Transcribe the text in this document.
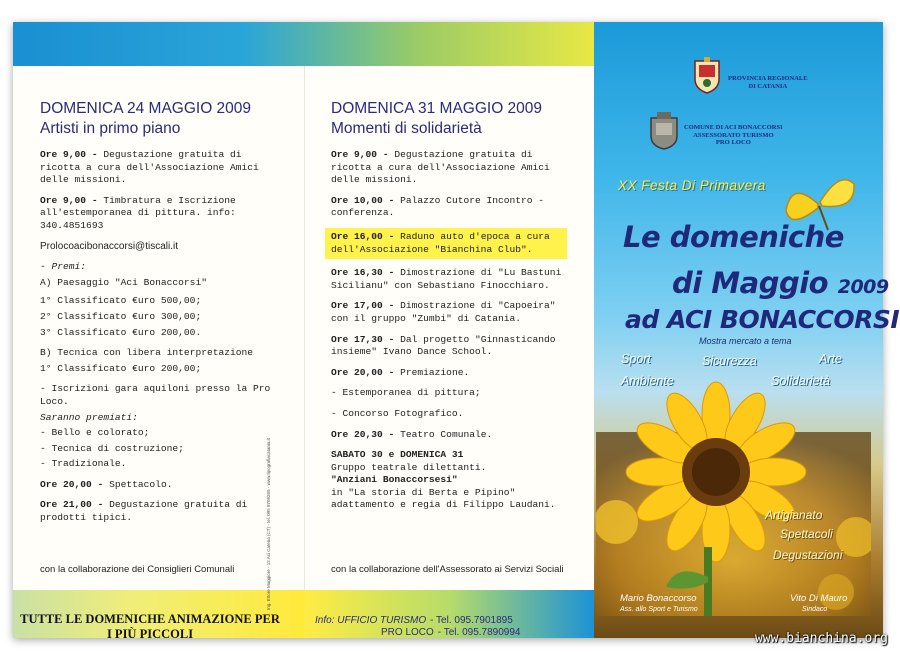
DOMENICA 24 MAGGIO 2009
Artisti in primo piano
Ore 9,00 - Degustazione gratuita di ricotta a cura dell'Associazione Amici delle missioni.
Ore 9,00 - Timbratura e Iscrizione all'estemporanea di pittura. info: 340.4851693
Prolocoacibonaccorsi@tiscali.it
- Premi:
A) Paesaggio "Aci Bonaccorsi"
1° Classificato €uro 500,00;
2° Classificato €uro 300,00;
3° Classificato €uro 200,00.
B) Tecnica con libera interpretazione
1° Classificato €uro 200,00;
- Iscrizioni gara aquiloni presso la Pro Loco.
Saranno premiati:
- Bello e colorato;
- Tecnica di costruzione;
- Tradizionale.
Ore 20,00 - Spettacolo.
Ore 21,00 - Degustazione gratuita di prodotti tipici.
con la collaborazione dei Consiglieri Comunali	Ing. Ettore Maggiore - 12 Aci Catena (CT) - tel. 095 8709265 - www.tipografiacatania.it
TUTTE LE DOMENICHE ANIMAZIONE PER I PIÙ PICCOLI
DOMENICA 31 MAGGIO 2009
Momenti di solidarietà
Ore 9,00 - Degustazione gratuita di ricotta a cura dell'Associazione Amici delle missioni.
Ore 10,00 - Palazzo Cutore Incontro - conferenza.
Ore 16,00 - Raduno auto d'epoca a cura dell'Associazione "Bianchina Club".
Ore 16,30 - Dimostrazione di "Lu Bastuni Sicilianu" con Sebastiano Finocchiaro.
Ore 17,00 - Dimostrazione di "Capoeira" con il gruppo "Zumbi" di Catania.
Ore 17,30 - Dal progetto "Ginnasticando insieme" Ivano Dance School.
Ore 20,00 - Premiazione.
- Estemporanea di pittura;
- Concorso Fotografico.
Ore 20,30 - Teatro Comunale.
SABATO 30 e DOMENICA 31
Gruppo teatrale dilettanti.
"Anziani Bonaccorsesi"
in "La storia di Berta e Pipino" adattamento e regia di Filippo Laudani.
con la collaborazione dell'Assessorato ai Servizi Sociali
Info: UFFICIO TURISMO - Tel. 095.7901895
PRO LOCO - Tel. 095.7890994
PROVINCIA REGIONALE
DI CATANIA
COMUNE DI ACI BONACCORSI
ASSESSORATO TURISMO
PRO LOCO
XX Festa Di Primavera
Le domeniche
di Maggio 2009
ad ACI BONACCORSI
Mostra mercato a tema
Sport	Sicurezza	Arte
Ambiente	Solidarietà
Artigianato
Spettacoli
Degustazioni
Mario Bonaccorso
Ass. allo Sport e Turismo
Vito Di Mauro
Sindaco
www.bianchina.org
